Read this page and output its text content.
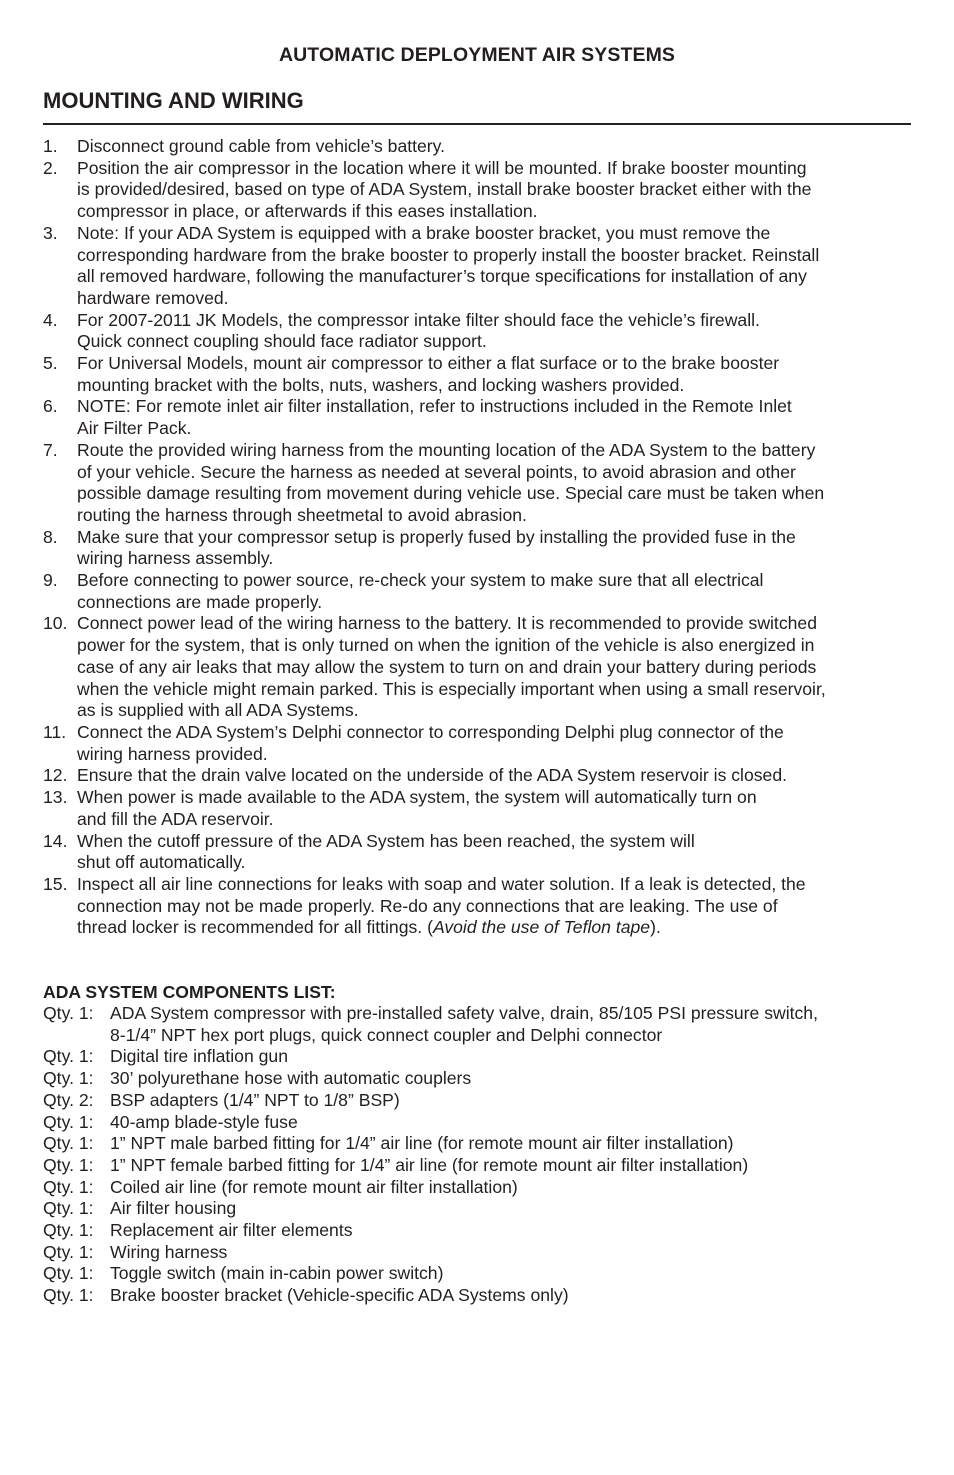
AUTOMATIC DEPLOYMENT AIR SYSTEMS
MOUNTING AND WIRING
1.	Disconnect ground cable from vehicle’s battery.
2.	Position the air compressor in the location where it will be mounted. If brake booster mounting
is provided/desired, based on type of ADA System, install brake booster bracket either with the
compressor in place, or afterwards if this eases installation.
3.	Note: If your ADA System is equipped with a brake booster bracket, you must remove the
corresponding hardware from the brake booster to properly install the booster bracket. Reinstall
all removed hardware, following the manufacturer’s torque specifications for installation of any
hardware removed.
4.	For 2007-2011 JK Models, the compressor intake filter should face the vehicle’s firewall.
Quick connect coupling should face radiator support.
5.	For Universal Models, mount air compressor to either a flat surface or to the brake booster
mounting bracket with the bolts, nuts, washers, and locking washers provided.
6.	NOTE: For remote inlet air filter installation, refer to instructions included in the Remote Inlet
Air Filter Pack.
7.	Route the provided wiring harness from the mounting location of the ADA System to the battery
of your vehicle. Secure the harness as needed at several points, to avoid abrasion and other
possible damage resulting from movement during vehicle use. Special care must be taken when
routing the harness through sheetmetal to avoid abrasion.
8.	Make sure that your compressor setup is properly fused by installing the provided fuse in the
wiring harness assembly.
9.	Before connecting to power source, re-check your system to make sure that all electrical
connections are made properly.
10. Connect power lead of the wiring harness to the battery. It is recommended to provide switched
power for the system, that is only turned on when the ignition of the vehicle is also energized in
case of any air leaks that may allow the system to turn on and drain your battery during periods
when the vehicle might remain parked. This is especially important when using a small reservoir,
as is supplied with all ADA Systems.
11. Connect the ADA System’s Delphi connector to corresponding Delphi plug connector of the
wiring harness provided.
12. Ensure that the drain valve located on the underside of the ADA System reservoir is closed.
13. When power is made available to the ADA system, the system will automatically turn on
and fill the ADA reservoir.
14. When the cutoff pressure of the ADA System has been reached, the system will
shut off automatically.
15. Inspect all air line connections for leaks with soap and water solution. If a leak is detected, the
connection may not be made properly. Re-do any connections that are leaking. The use of
thread locker is recommended for all fittings. (Avoid the use of Teflon tape).
ADA SYSTEM COMPONENTS LIST:
Qty. 1: ADA System compressor with pre-installed safety valve, drain, 85/105 PSI pressure switch,
8-1/4” NPT hex port plugs, quick connect coupler and Delphi connector
Qty. 1: Digital tire inflation gun
Qty. 1: 30’ polyurethane hose with automatic couplers
Qty. 2: BSP adapters (1/4” NPT to 1/8” BSP)
Qty. 1: 40-amp blade-style fuse
Qty. 1: 1” NPT male barbed fitting for 1/4” air line (for remote mount air filter installation)
Qty. 1: 1” NPT female barbed fitting for 1/4” air line (for remote mount air filter installation)
Qty. 1: Coiled air line (for remote mount air filter installation)
Qty. 1: Air filter housing
Qty. 1: Replacement air filter elements
Qty. 1: Wiring harness
Qty. 1: Toggle switch (main in-cabin power switch)
Qty. 1: Brake booster bracket (Vehicle-specific ADA Systems only)
